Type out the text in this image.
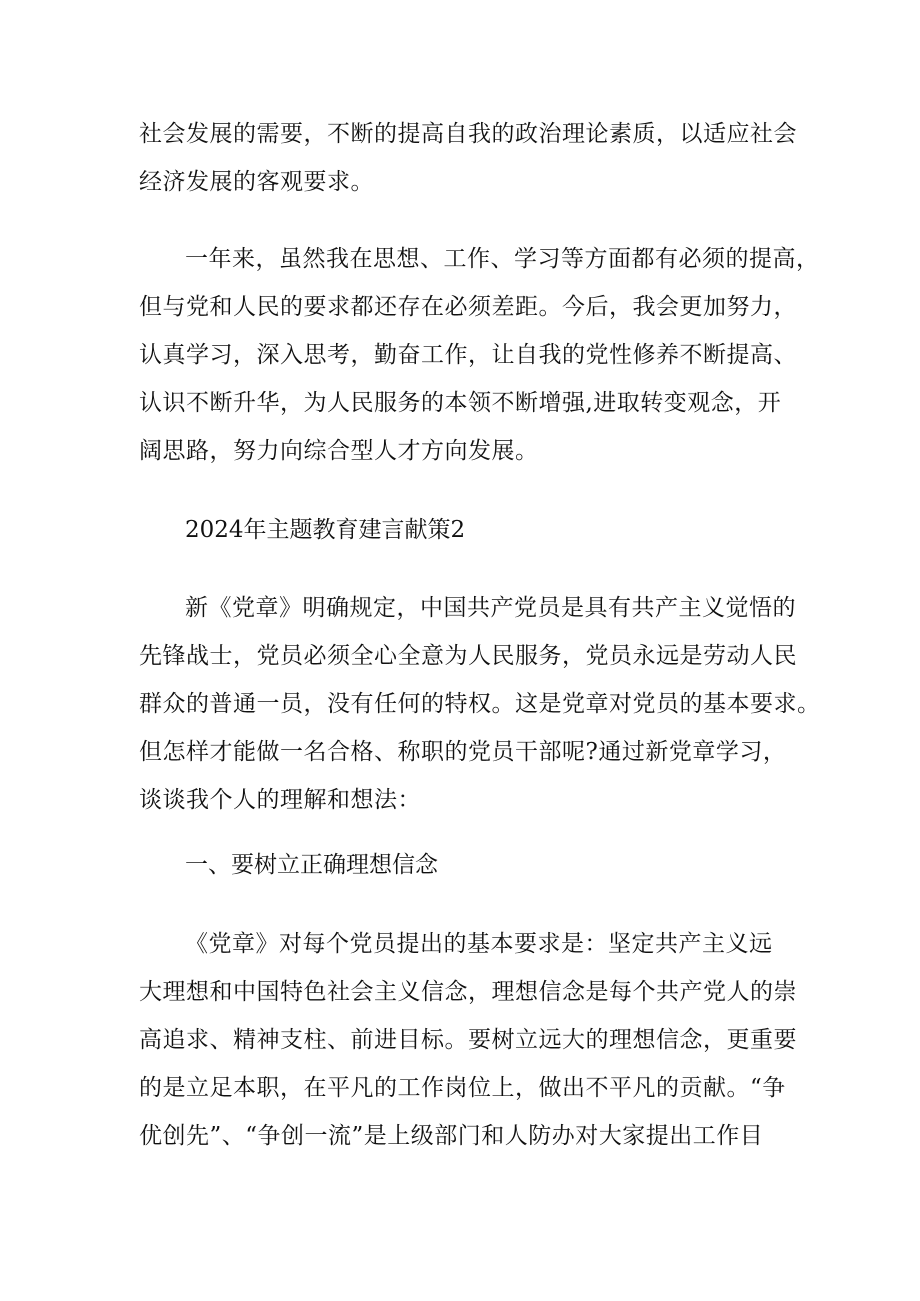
社会发展的需要，不断的提高自我的政治理论素质，以适应社会
经济发展的客观要求。

一年来，虽然我在思想、工作、学习等方面都有必须的提高，
但与党和人民的要求都还存在必须差距。今后，我会更加努力，
认真学习，深入思考，勤奋工作，让自我的党性修养不断提高、
认识不断升华，为人民服务的本领不断增强,进取转变观念，开
阔思路，努力向综合型人才方向发展。

2024年主题教育建言献策2

新《党章》明确规定，中国共产党员是具有共产主义觉悟的
先锋战士，党员必须全心全意为人民服务，党员永远是劳动人民
群众的普通一员，没有任何的特权。这是党章对党员的基本要求。
但怎样才能做一名合格、称职的党员干部呢?通过新党章学习，
谈谈我个人的理解和想法：

一、要树立正确理想信念

《党章》对每个党员提出的基本要求是：坚定共产主义远
大理想和中国特色社会主义信念，理想信念是每个共产党人的崇
高追求、精神支柱、前进目标。要树立远大的理想信念，更重要
的是立足本职，在平凡的工作岗位上，做出不平凡的贡献。“争
优创先”、“争创一流”是上级部门和人防办对大家提出工作目
